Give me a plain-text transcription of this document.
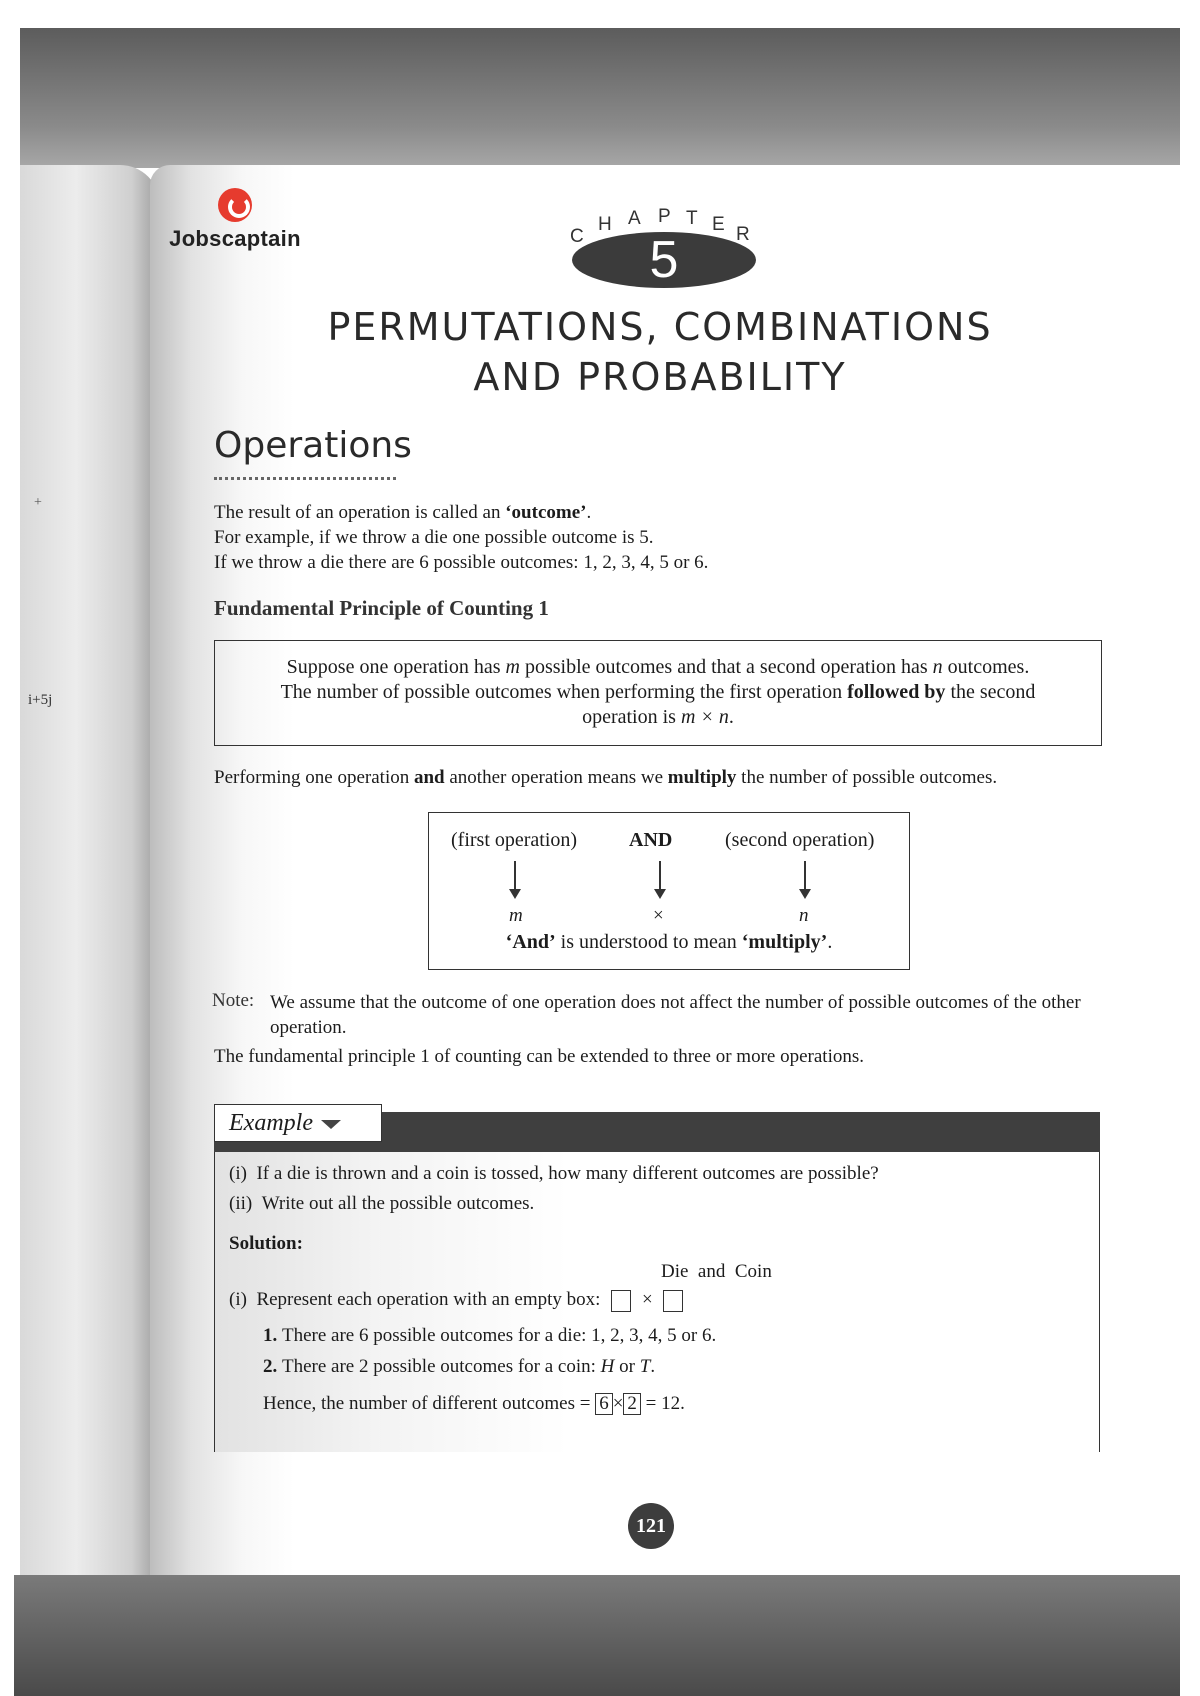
+
i+5j
Jobscaptain	C
H A P T E R
5
PERMUTATIONS, COMBINATIONS
AND PROBABILITY
Operations
The result of an operation is called an ‘outcome’.
For example, if we throw a die one possible outcome is 5.
If we throw a die there are 6 possible outcomes: 1, 2, 3, 4, 5 or 6.
Fundamental Principle of Counting 1
Suppose one operation has m possible outcomes and that a second operation has n outcomes.
The number of possible outcomes when performing the first operation followed by the second
operation is m × n.
Performing one operation and another operation means we multiply the number of possible outcomes.
(first operation)	AND	(second operation)
m	×	n
‘And’ is understood to mean ‘multiply’.
Note: We assume that the outcome of one operation does not affect the number of possible outcomes of the other operation.
The fundamental principle 1 of counting can be extended to three or more operations.
Example
(i) If a die is thrown and a coin is tossed, how many different outcomes are possible?
(ii) Write out all the possible outcomes.
Solution:
Die  and  Coin
(i) Represent each operation with an empty box: ×
1. There are 6 possible outcomes for a die: 1, 2, 3, 4, 5 or 6.
2. There are 2 possible outcomes for a coin: H or T.
Hence, the number of different outcomes = 6 × 2 = 12.
121
